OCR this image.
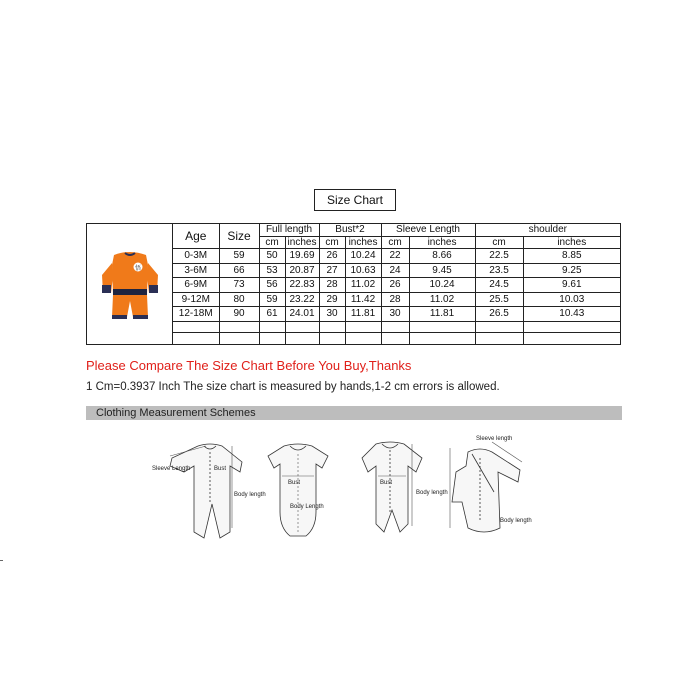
Size Chart
悟
Age	Size	Full length		Bust*2		Sleeve Length		shoulder	
		cm	inches	cm	inches	cm	inches	cm	inches
0-3M	59	50	19.69	26	10.24	22	8.66	22.5	8.85
3-6M	66	53	20.87	27	10.63	24	9.45	23.5	9.25
6-9M	73	56	22.83	28	11.02	26	10.24	24.5	9.61
9-12M	80	59	23.22	29	11.42	28	11.02	25.5	10.03
12-18M	90	61	24.01	30	11.81	30	11.81	26.5	10.43

Please Compare The Size Chart Before You Buy,Thanks
1 Cm=0.3937 Inch The size chart is measured by hands,1-2 cm errors is allowed.
Clothing Measurement Schemes
Sleeve Length	Bust
Body length
Bust
Body Length
Bust
Body length
Sleeve length
Body length
